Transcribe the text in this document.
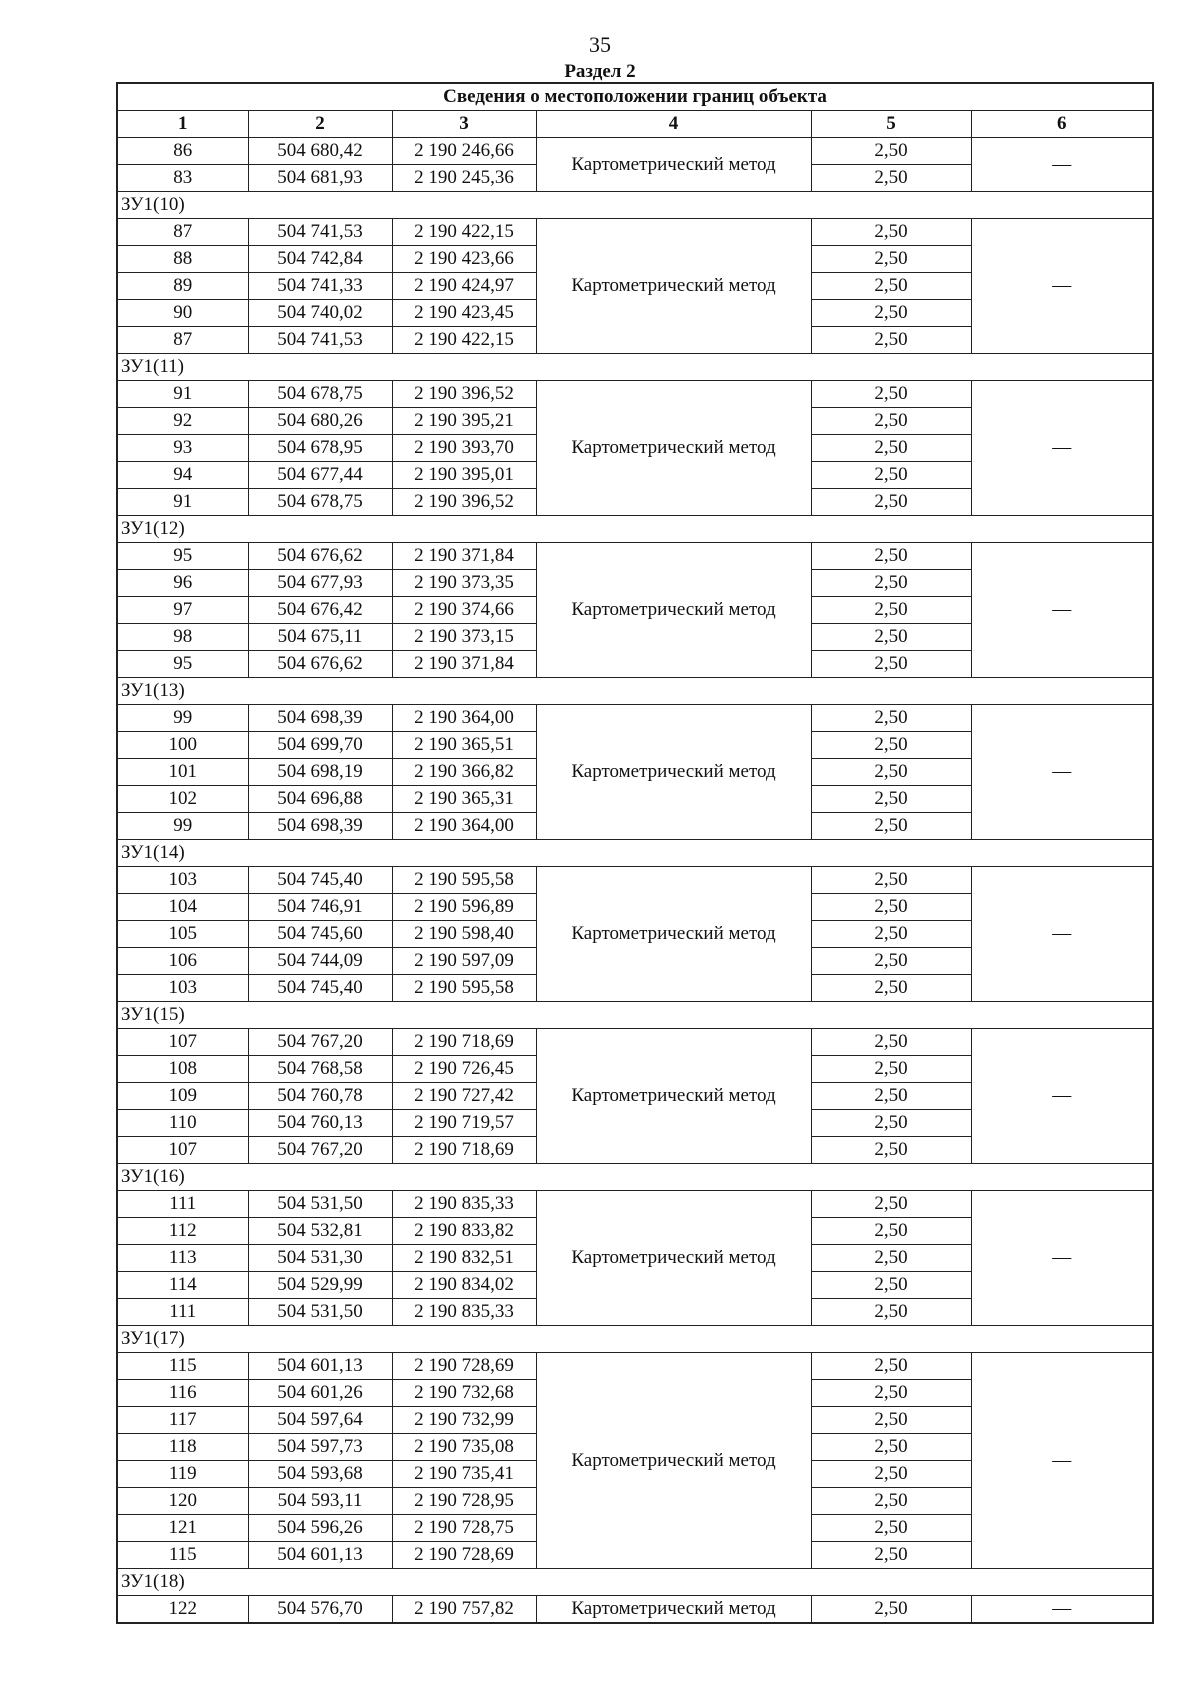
35
Раздел 2
Сведения о местоположении границ объекта					
1	2	3	4	5	6
86	504 680,42	2 190 246,66	Картометрический метод	2,50	—
83	504 681,93	2 190 245,36		2,50	
ЗУ1(10)					
87	504 741,53	2 190 422,15	Картометрический метод	2,50	—
88	504 742,84	2 190 423,66		2,50	
89	504 741,33	2 190 424,97		2,50	
90	504 740,02	2 190 423,45		2,50	
87	504 741,53	2 190 422,15		2,50	
ЗУ1(11)					
91	504 678,75	2 190 396,52	Картометрический метод	2,50	—
92	504 680,26	2 190 395,21		2,50	
93	504 678,95	2 190 393,70		2,50	
94	504 677,44	2 190 395,01		2,50	
91	504 678,75	2 190 396,52		2,50	
ЗУ1(12)					
95	504 676,62	2 190 371,84	Картометрический метод	2,50	—
96	504 677,93	2 190 373,35		2,50	
97	504 676,42	2 190 374,66		2,50	
98	504 675,11	2 190 373,15		2,50	
95	504 676,62	2 190 371,84		2,50	
ЗУ1(13)					
99	504 698,39	2 190 364,00	Картометрический метод	2,50	—
100	504 699,70	2 190 365,51		2,50	
101	504 698,19	2 190 366,82		2,50	
102	504 696,88	2 190 365,31		2,50	
99	504 698,39	2 190 364,00		2,50	
ЗУ1(14)					
103	504 745,40	2 190 595,58	Картометрический метод	2,50	—
104	504 746,91	2 190 596,89		2,50	
105	504 745,60	2 190 598,40		2,50	
106	504 744,09	2 190 597,09		2,50	
103	504 745,40	2 190 595,58		2,50	
ЗУ1(15)					
107	504 767,20	2 190 718,69	Картометрический метод	2,50	—
108	504 768,58	2 190 726,45		2,50	
109	504 760,78	2 190 727,42		2,50	
110	504 760,13	2 190 719,57		2,50	
107	504 767,20	2 190 718,69		2,50	
ЗУ1(16)					
111	504 531,50	2 190 835,33	Картометрический метод	2,50	—
112	504 532,81	2 190 833,82		2,50	
113	504 531,30	2 190 832,51		2,50	
114	504 529,99	2 190 834,02		2,50	
111	504 531,50	2 190 835,33		2,50	
ЗУ1(17)					
115	504 601,13	2 190 728,69	Картометрический метод	2,50	—
116	504 601,26	2 190 732,68		2,50	
117	504 597,64	2 190 732,99		2,50	
118	504 597,73	2 190 735,08		2,50	
119	504 593,68	2 190 735,41		2,50	
120	504 593,11	2 190 728,95		2,50	
121	504 596,26	2 190 728,75		2,50	
115	504 601,13	2 190 728,69		2,50	
ЗУ1(18)					
122	504 576,70	2 190 757,82	Картометрический метод	2,50	—
